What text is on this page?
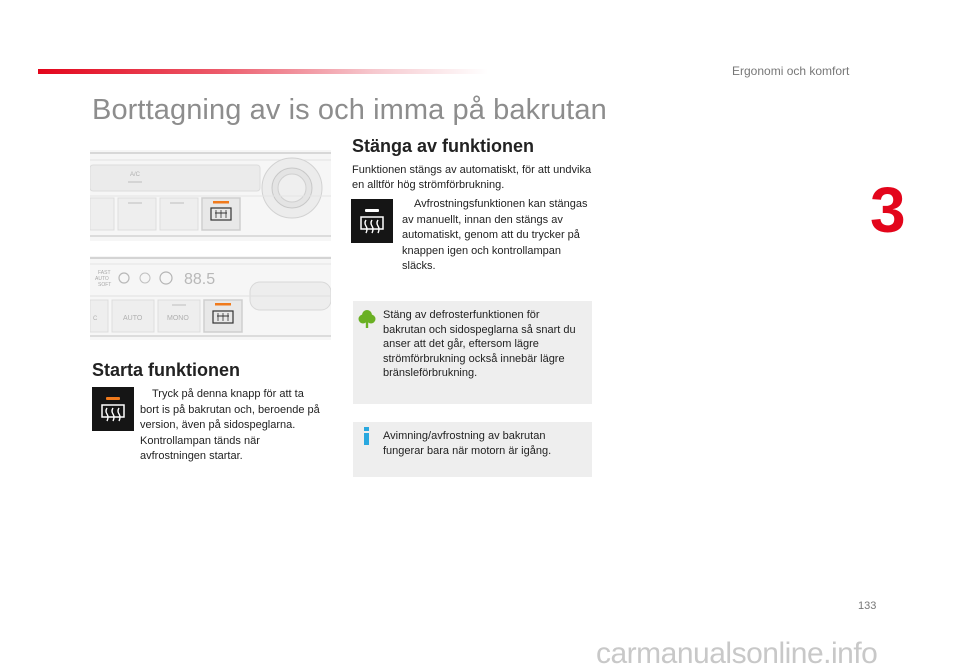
Ergonomi och komfort
3
Borttagning av is och imma på bakrutan
A/C
FAST
AUTO
SOFT	88.5
C	AUTO	MONO
Stänga av funktionen
Funktionen stängs av automatiskt, för att undvika en alltför hög strömförbrukning.
Avfrostningsfunktionen kan stängas av manuellt, innan den stängs av automatiskt, genom att du trycker på knappen igen och kontrollampan släcks.
Stäng av defrosterfunktionen för bakrutan och sidospeglarna så snart du anser att det går, eftersom lägre strömförbrukning också innebär lägre bränsleförbrukning.
Avimning/avfrostning av bakrutan fungerar bara när motorn är igång.
Starta funktionen
Tryck på denna knapp för att ta bort is på bakrutan och, beroende på version, även på sidospeglarna. Kontrollampan tänds när avfrostningen startar.
133
carmanualsonline.info
